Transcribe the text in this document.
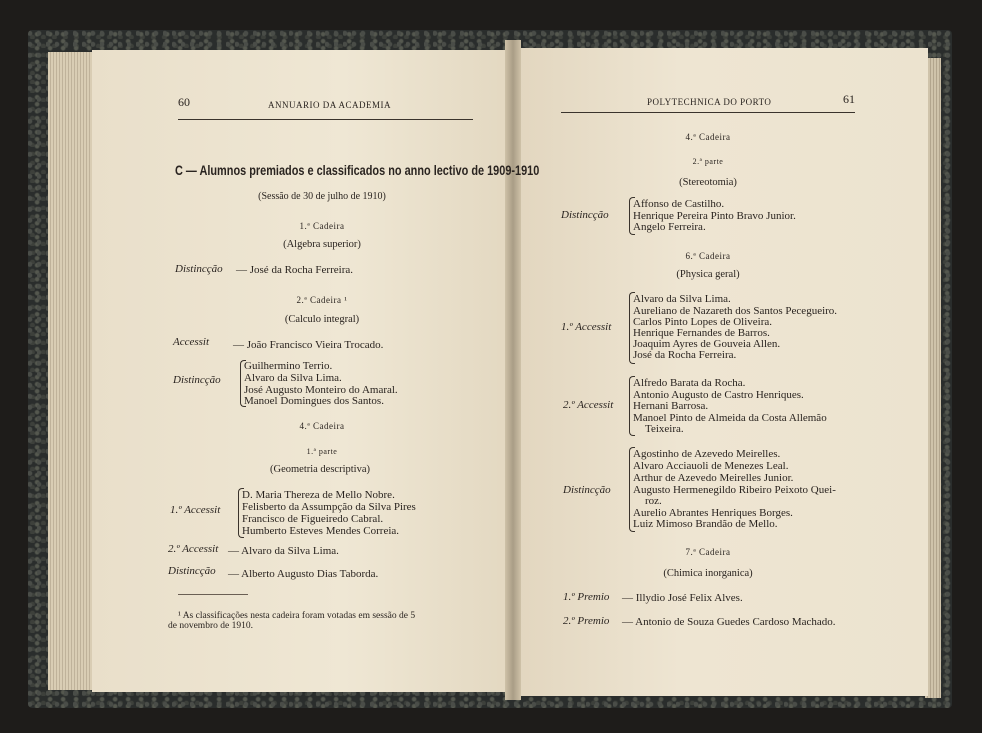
60	ANNUARIO DA ACADEMIA
C — Alumnos premiados e classificados no anno lectivo de 1909-1910
(Sessão de 30 de julho de 1910)
1.ª Cadeira
(Algebra superior)
Distincção — José da Rocha Ferreira.
2.ª Cadeira ¹
(Calculo integral)
Accessit — João Francisco Vieira Trocado.
Distincção
Guilhermino Terrio.
Alvaro da Silva Lima.
José Augusto Monteiro do Amaral.
Manoel Domingues dos Santos.
4.ª Cadeira
1.ª parte
(Geometria descriptiva)
1.º Accessit
D. Maria Thereza de Mello Nobre.
Felisberto da Assumpção da Silva Pires
Francisco de Figueiredo Cabral.
Humberto Esteves Mendes Correia.
2.º Accessit — Alvaro da Silva Lima.
Distincção — Alberto Augusto Dias Taborda.
¹ As classificações nesta cadeira foram votadas em sessão de 5
de novembro de 1910.
POLYTECHNICA DO PORTO	61
4.ª Cadeira
2.ª parte
(Stereotomia)
Distincção
Affonso de Castilho.
Henrique Pereira Pinto Bravo Junior.
Angelo Ferreira.
6.ª Cadeira
(Physica geral)
1.º Accessit
Alvaro da Silva Lima.
Aureliano de Nazareth dos Santos Pecegueiro.
Carlos Pinto Lopes de Oliveira.
Henrique Fernandes de Barros.
Joaquim Ayres de Gouveia Allen.
José da Rocha Ferreira.
2.º Accessit
Alfredo Barata da Rocha.
Antonio Augusto de Castro Henriques.
Hernani Barrosa.
Manoel Pinto de Almeida da Costa Allemão
Teixeira.
Distincção
Agostinho de Azevedo Meirelles.
Alvaro Acciauoli de Menezes Leal.
Arthur de Azevedo Meirelles Junior.
Augusto Hermenegildo Ribeiro Peixoto Quei-
roz.
Aurelio Abrantes Henriques Borges.
Luiz Mimoso Brandão de Mello.
7.ª Cadeira
(Chimica inorganica)
1.º Premio — Illydio José Felix Alves.
2.º Premio — Antonio de Souza Guedes Cardoso Machado.
